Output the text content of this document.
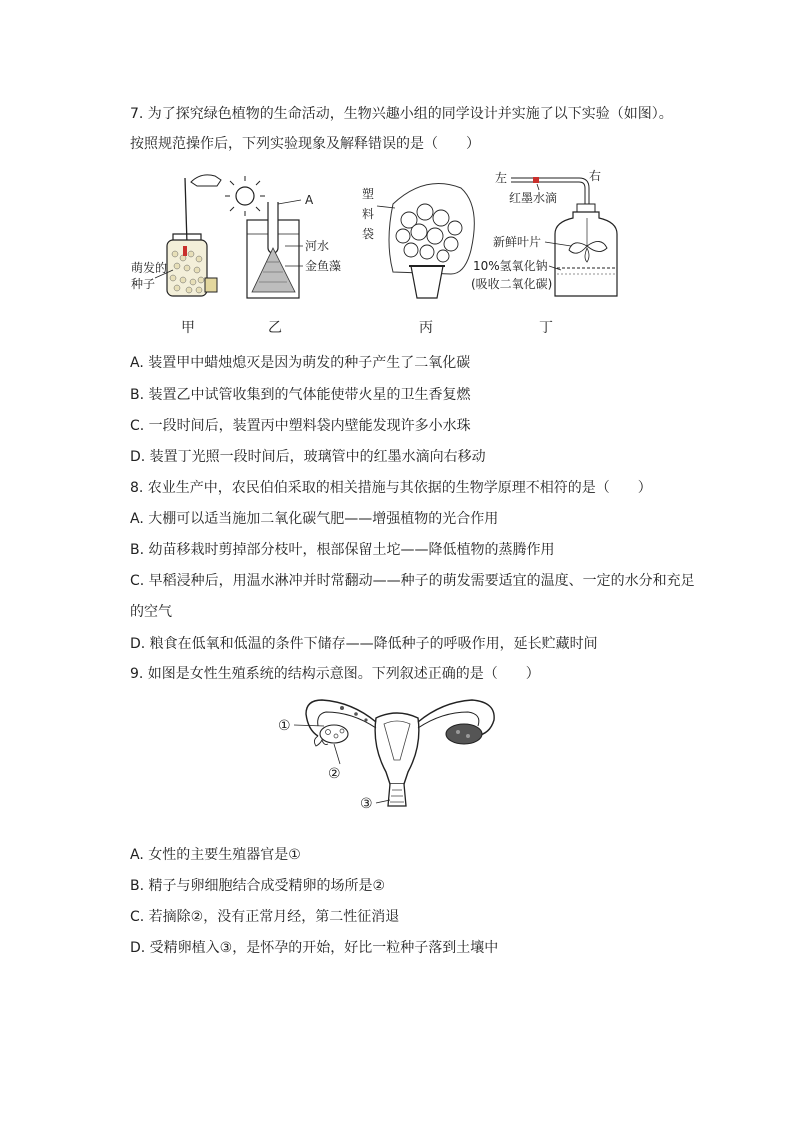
7. 为了探究绿色植物的生命活动，生物兴趣小组的同学设计并实施了以下实验（如图）。
按照规范操作后，下列实验现象及解释错误的是（　　）
萌发的
种子
甲
A
河水
金鱼藻
乙
塑
料
袋
丙
左	右
红墨水滴
新鲜叶片
10%氢氧化钠
(吸收二氧化碳)
丁
A. 装置甲中蜡烛熄灭是因为萌发的种子产生了二氧化碳
B. 装置乙中试管收集到的气体能使带火星的卫生香复燃
C. 一段时间后，装置丙中塑料袋内壁能发现许多小水珠
D. 装置丁光照一段时间后，玻璃管中的红墨水滴向右移动
8. 农业生产中，农民伯伯采取的相关措施与其依据的生物学原理不相符的是（　　）
A. 大棚可以适当施加二氧化碳气肥——增强植物的光合作用
B. 幼苗移栽时剪掉部分枝叶，根部保留土坨——降低植物的蒸腾作用
C. 早稻浸种后，用温水淋冲并时常翻动——种子的萌发需要适宜的温度、一定的水分和充足
的空气
D. 粮食在低氧和低温的条件下储存——降低种子的呼吸作用，延长贮藏时间
9. 如图是女性生殖系统的结构示意图。下列叙述正确的是（　　）
①
②
③
A. 女性的主要生殖器官是①
B. 精子与卵细胞结合成受精卵的场所是②
C. 若摘除②，没有正常月经，第二性征消退
D. 受精卵植入③，是怀孕的开始，好比一粒种子落到土壤中
